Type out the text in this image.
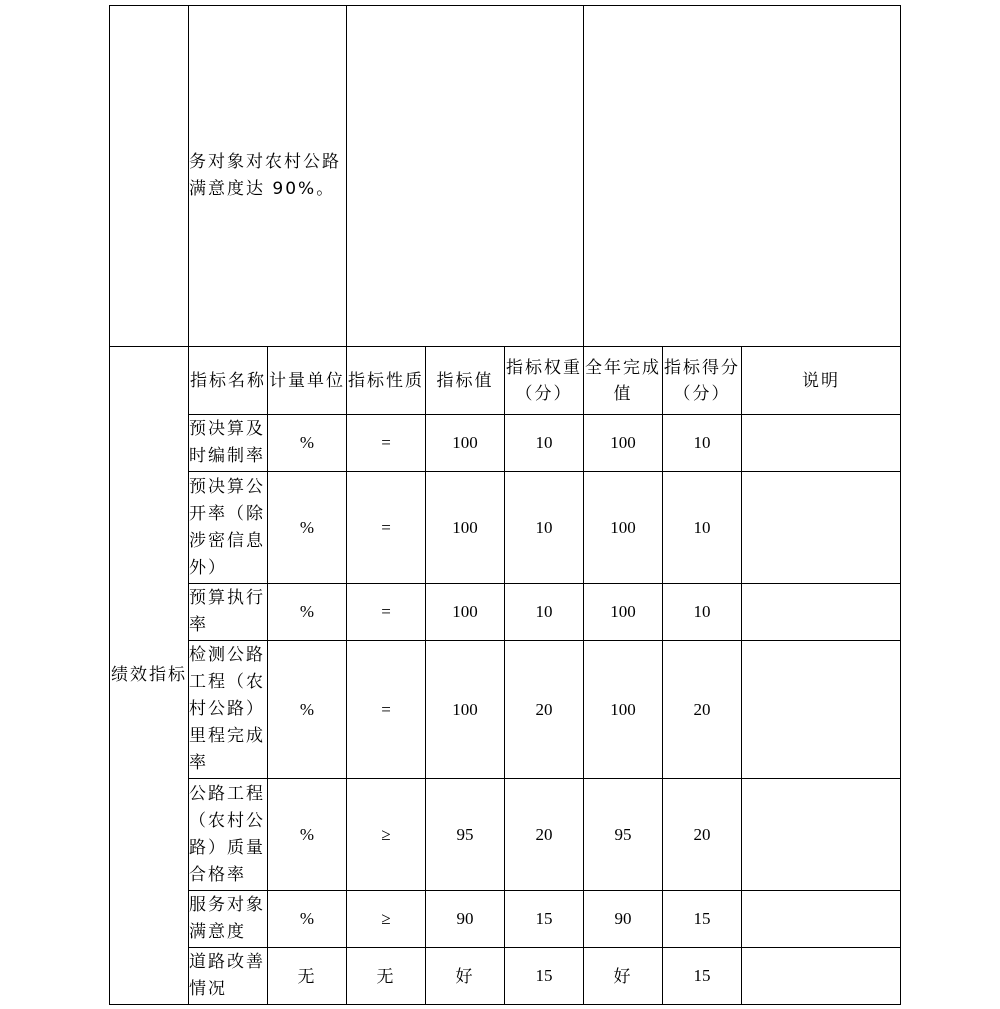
	务对象对农村公路满意度达 90%。							
绩效指标	指标名称	计量单位	指标性质	指标值	指标权重（分）	全年完成值	指标得分（分）	说明
	预决算及时编制率	%	=	100	10	100	10	
	预决算公开率（除涉密信息外）	%	=	100	10	100	10	
	预算执行率	%	=	100	10	100	10	
	检测公路工程（农村公路）里程完成率	%	=	100	20	100	20	
	公路工程（农村公路）质量合格率	%	≥	95	20	95	20	
	服务对象满意度	%	≥	90	15	90	15	
	道路改善情况	无	无	好	15	好	15	
